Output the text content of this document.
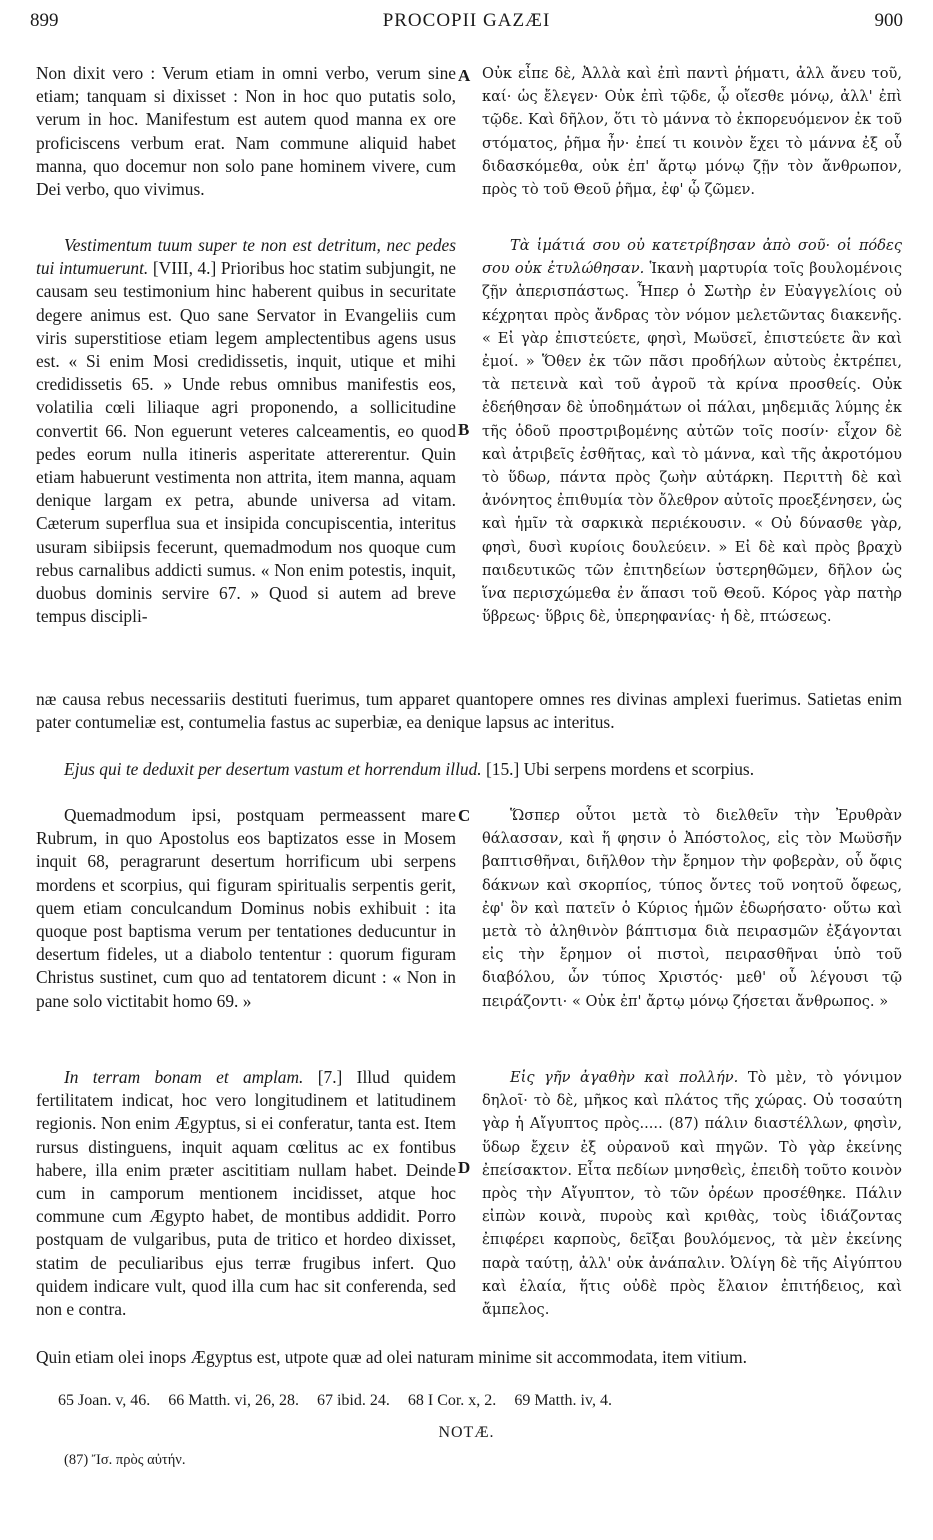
899	PROCOPII GAZÆI	900

Non dixit vero : Verum etiam in omni verbo, verum sine etiam; tanquam si dixisset : Non in hoc quo putatis solo, verum in hoc. Manifestum est autem quod manna ex ore proficiscens verbum erat. Nam commune aliquid habet manna, quo docemur non solo pane hominem vivere, cum Dei verbo, quo vivimus.

A Οὐκ εἶπε δὲ, Ἀλλὰ καὶ ἐπὶ παντὶ ῥήματι, ἀλλ ἄνευ τοῦ, καί· ὡς ἔλεγεν· Οὐκ ἐπὶ τῷδε, ᾧ οἴεσθε μόνῳ, ἀλλ' ἐπὶ τῷδε. Καὶ δῆλον, ὅτι τὸ μάννα τὸ ἐκπορευόμενον ἐκ τοῦ στόματος, ῥῆμα ἦν· ἐπεί τι κοινὸν ἔχει τὸ μάννα ἐξ οὗ διδασκόμεθα, οὐκ ἐπ' ἄρτῳ μόνῳ ζῇν τὸν ἄνθρωπον, πρὸς τὸ τοῦ Θεοῦ ῥῆμα, ἐφ' ᾧ ζῶμεν.

Vestimentum tuum super te non est detritum, nec pedes tui intumuerunt. [VIII, 4.] Prioribus hoc statim subjungit, ne causam seu testimonium hinc haberent quibus in securitate degere animus est. Quo sane Servator in Evangeliis cum viris superstitiose etiam legem amplectentibus agens usus est. « Si enim Mosi credidissetis, inquit, utique et mihi credidissetis 65. » Unde rebus omnibus manifestis eos, volatilia cœli liliaque agri proponendo, a sollicitudine convertit 66. Non eguerunt veteres calceamentis, eo quod pedes eorum nulla itineris asperitate attererentur. Quin etiam habuerunt vestimenta non attrita, item manna, aquam denique largam ex petra, abunde universa ad vitam. Cæterum superflua sua et insipida concupiscentia, interitus usuram sibiipsis fecerunt, quemadmodum nos quoque cum rebus carnalibus addicti sumus. « Non enim potestis, inquit, duobus dominis servire 67. » Quod si autem ad breve tempus discipli-

B

Τὰ ἱμάτιά σου οὐ κατετρίβησαν ἀπὸ σοῦ· οἱ πόδες σου οὐκ ἐτυλώθησαν. Ἱκανὴ μαρτυρία τοῖς βουλομένοις ζῇν ἀπερισπάστως. Ἧπερ ὁ Σωτὴρ ἐν Εὐαγγελίοις οὐ κέχρηται πρὸς ἄνδρας τὸν νόμον μελετῶντας διακενῆς. « Εἰ γὰρ ἐπιστεύετε, φησὶ, Μωϋσεῖ, ἐπιστεύετε ἂν καὶ ἐμοί. » Ὅθεν ἐκ τῶν πᾶσι προδήλων αὐτοὺς ἐκτρέπει, τὰ πετεινὰ καὶ τοῦ ἀγροῦ τὰ κρίνα προσθείς. Οὐκ ἐδεήθησαν δὲ ὑποδημάτων οἱ πάλαι, μηδεμιᾶς λύμης ἐκ τῆς ὁδοῦ προστριβομένης αὐτῶν τοῖς ποσίν· εἶχον δὲ καὶ ἀτριβεῖς ἐσθῆτας, καὶ τὸ μάννα, καὶ τῆς ἀκροτόμου τὸ ὕδωρ, πάντα πρὸς ζωὴν αὐτάρκη. Περιττὴ δὲ καὶ ἀνόνητος ἐπιθυμία τὸν ὄλεθρον αὐτοῖς προεξένησεν, ὡς καὶ ἡμῖν τὰ σαρκικὰ περιέκουσιν. « Οὐ δύνασθε γὰρ, φησὶ, δυσὶ κυρίοις δουλεύειν. » Εἰ δὲ καὶ πρὸς βραχὺ παιδευτικῶς τῶν ἐπιτηδείων ὑστερηθῶμεν, δῆλον ὡς ἵνα περισχώμεθα ἐν ἅπασι τοῦ Θεοῦ. Κόρος γὰρ πατὴρ ὕβρεως· ὕβρις δὲ, ὑπερηφανίας· ἡ δὲ, πτώσεως.

næ causa rebus necessariis destituti fuerimus, tum apparet quantopere omnes res divinas amplexi fuerimus. Satietas enim pater contumeliæ est, contumelia fastus ac superbiæ, ea denique lapsus ac interitus.

Ejus qui te deduxit per desertum vastum et horrendum illud. [15.] Ubi serpens mordens et scorpius.

Quemadmodum ipsi, postquam permeassent mare Rubrum, in quo Apostolus eos baptizatos esse in Mosem inquit 68, peragrarunt desertum horrificum ubi serpens mordens et scorpius, qui figuram spiritualis serpentis gerit, quem etiam conculcandum Dominus nobis exhibuit : ita quoque post baptisma verum per tentationes deducuntur in desertum fideles, ut a diabolo tententur : quorum figuram Christus sustinet, cum quo ad tentatorem dicunt : « Non in pane solo victitabit homo 69. »

C	Ὥσπερ οὗτοι μετὰ τὸ διελθεῖν τὴν Ἐρυθρὰν θάλασσαν, καὶ ἥ φησιν ὁ Ἀπόστολος, εἰς τὸν Μωϋσῆν βαπτισθῆναι, διῆλθον τὴν ἔρημον τὴν φοβερὰν, οὗ ὄφις δάκνων καὶ σκορπίος, τύπος ὄντες τοῦ νοητοῦ ὄφεως, ἐφ' ὃν καὶ πατεῖν ὁ Κύριος ἡμῶν ἐδωρήσατο· οὕτω καὶ μετὰ τὸ ἀληθινὸν βάπτισμα διὰ πειρασμῶν ἐξάγονται εἰς τὴν ἔρημον οἱ πιστοὶ, πειρασθῆναι ὑπὸ τοῦ διαβόλου, ὧν τύπος Χριστός· μεθ' οὗ λέγουσι τῷ πειράζοντι· « Οὐκ ἐπ' ἄρτῳ μόνῳ ζήσεται ἄνθρωπος. »

In terram bonam et amplam. [7.] Illud quidem fertilitatem indicat, hoc vero longitudinem et latitudinem regionis. Non enim Ægyptus, si ei conferatur, tanta est. Item rursus distinguens, inquit aquam cœlitus ac ex fontibus habere, illa enim præter ascititiam nullam habet. Deinde cum in camporum mentionem incidisset, atque hoc commune cum Ægypto habet, de montibus addidit. Porro postquam de vulgaribus, puta de tritico et hordeo dixisset, statim de peculiaribus ejus terræ frugibus infert. Quo quidem indicare vult, quod illa cum hac sit conferenda, sed non e contra.

D

Εἰς γῆν ἀγαθὴν καὶ πολλήν. Τὸ μὲν, τὸ γόνιμον δηλοῖ· τὸ δὲ, μῆκος καὶ πλάτος τῆς χώρας. Οὐ τοσαύτη γὰρ ἡ Αἴγυπτος πρὸς..... (87) πάλιν διαστέλλων, φησὶν, ὕδωρ ἔχειν ἐξ οὐρανοῦ καὶ πηγῶν. Τὸ γὰρ ἐκείνης ἐπείσακτον. Εἶτα πεδίων μνησθεὶς, ἐπειδὴ τοῦτο κοινὸν πρὸς τὴν Αἴγυπτον, τὸ τῶν ὀρέων προσέθηκε. Πάλιν εἰπὼν κοινὰ, πυροὺς καὶ κριθὰς, τοὺς ἰδιάζοντας ἐπιφέρει καρποὺς, δεῖξαι βουλόμενος, τὰ μὲν ἐκείνης παρὰ ταύτῃ, ἀλλ' οὐκ ἀνάπαλιν. Ὀλίγη δὲ τῆς Αἰγύπτου καὶ ἐλαία, ἥτις οὐδὲ πρὸς ἔλαιον ἐπιτήδειος, καὶ ἄμπελος.

Quin etiam olei inops Ægyptus est, utpote quæ ad olei naturam minime sit accommodata, item vitium.

65 Joan. v, 46. 66 Matth. vi, 26, 28. 67 ibid. 24. 68 I Cor. x, 2. 69 Matth. iv, 4.
NOTÆ.
(87) Ἴσ. πρὸς αὐτήν.
